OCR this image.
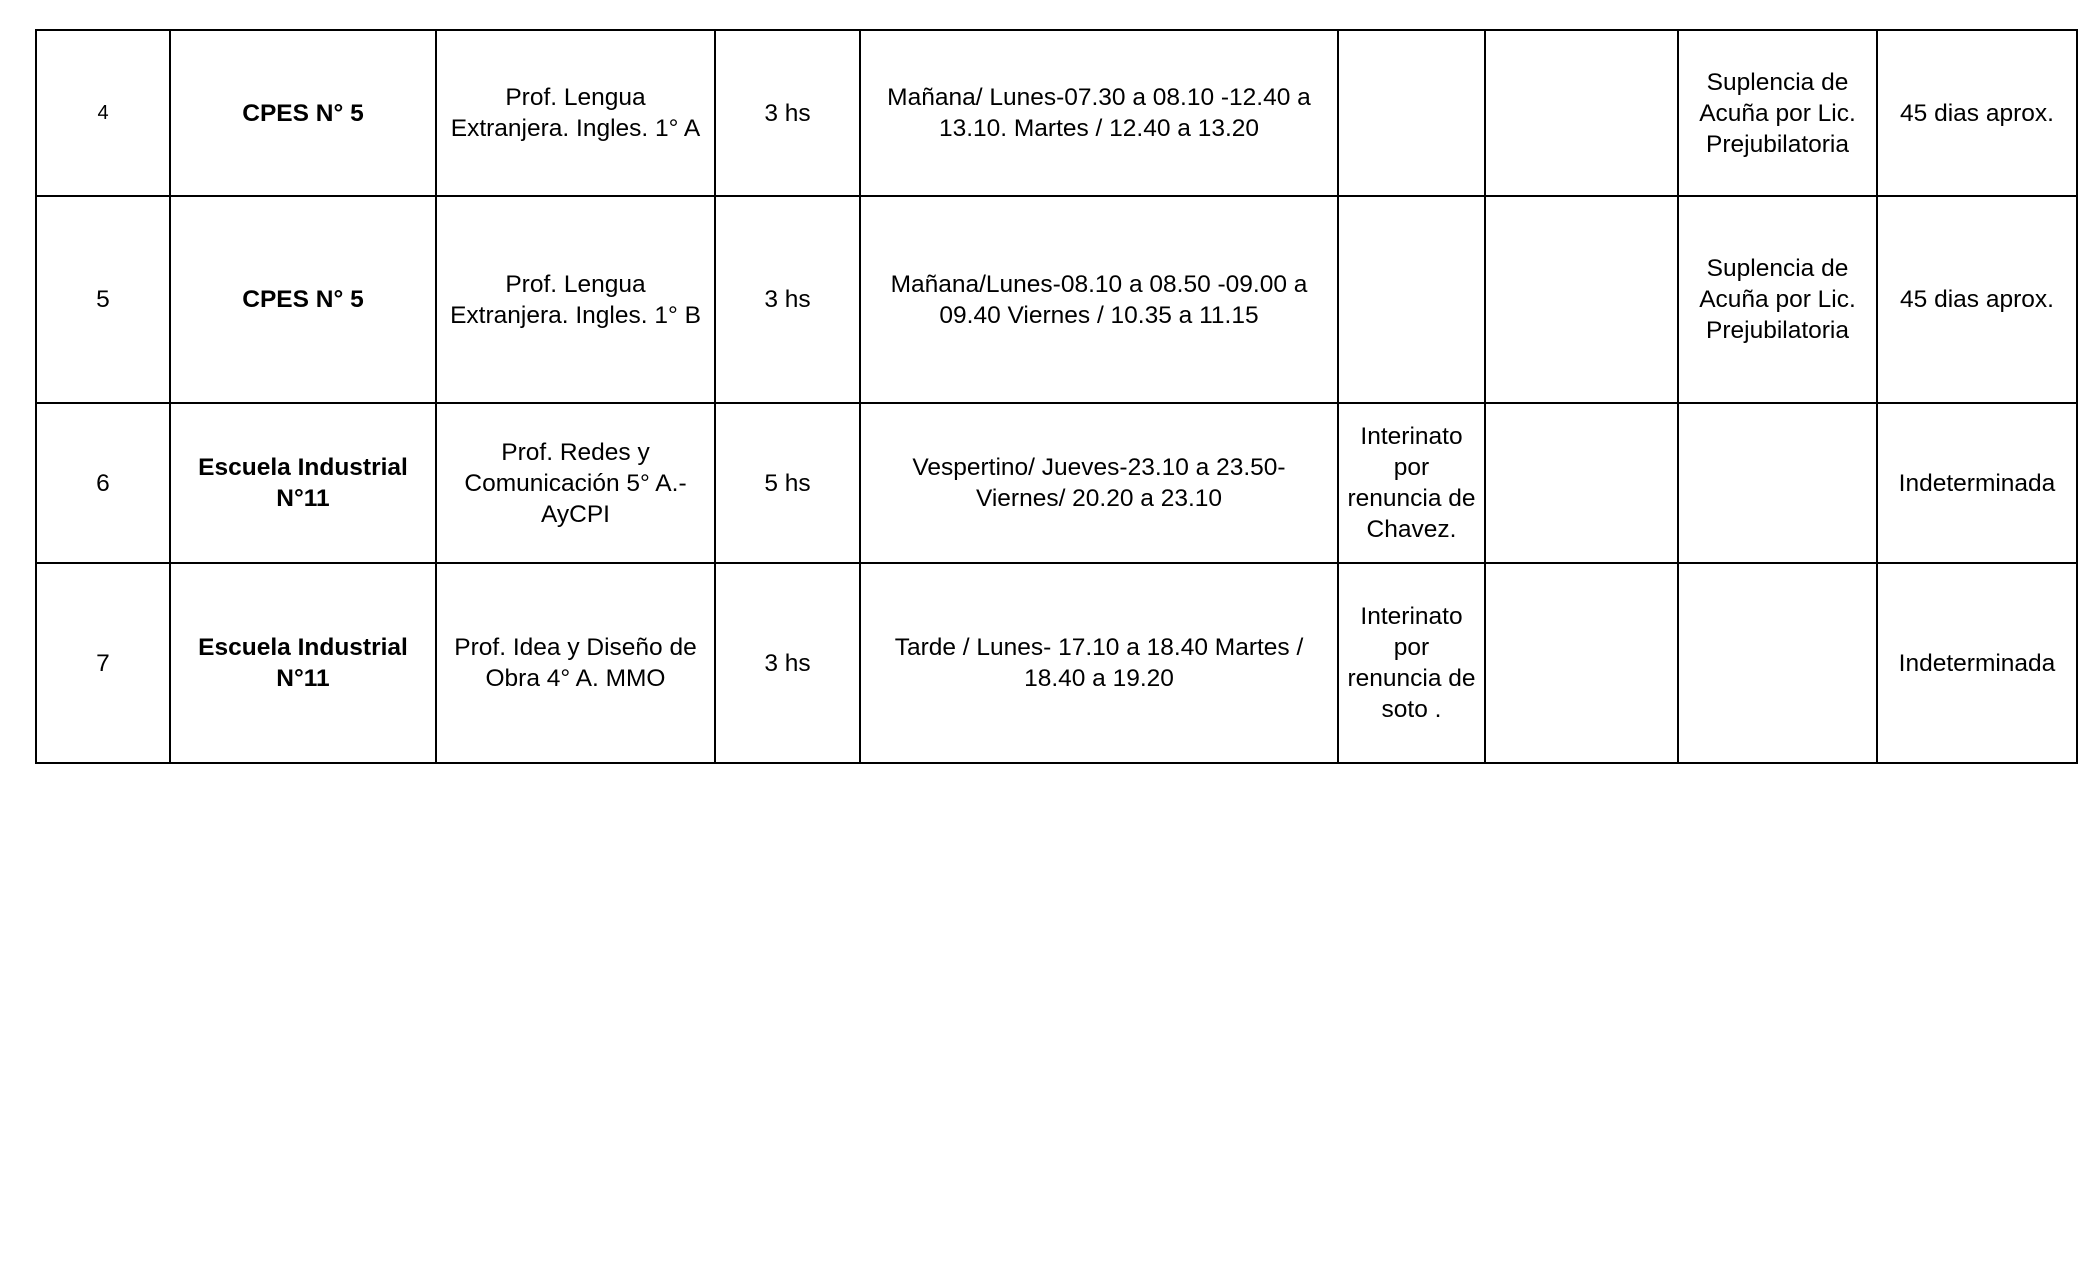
4	CPES N° 5	Prof. Lengua
Extranjera. Ingles. 1° A	3 hs	Mañana/ Lunes-07.30 a 08.10 -12.40 a
13.10. Martes / 12.40 a 13.20			Suplencia de
Acuña por Lic.
Prejubilatoria	45 dias aprox.
5	CPES N° 5	Prof. Lengua
Extranjera. Ingles. 1° B	3 hs	Mañana/Lunes-08.10 a 08.50 -09.00 a
09.40 Viernes / 10.35 a 11.15			Suplencia de
Acuña por Lic.
Prejubilatoria	45 dias aprox.
6	Escuela Industrial
N°11	Prof. Redes y
Comunicación 5° A.-
AyCPI	5 hs	Vespertino/ Jueves-23.10 a 23.50-
Viernes/ 20.20 a 23.10	Interinato
por
renuncia de
Chavez.			Indeterminada
7	Escuela Industrial
N°11	Prof. Idea y Diseño de
Obra 4° A. MMO	3 hs	Tarde / Lunes- 17.10 a 18.40 Martes /
18.40 a 19.20	Interinato
por
renuncia de
soto .			Indeterminada
